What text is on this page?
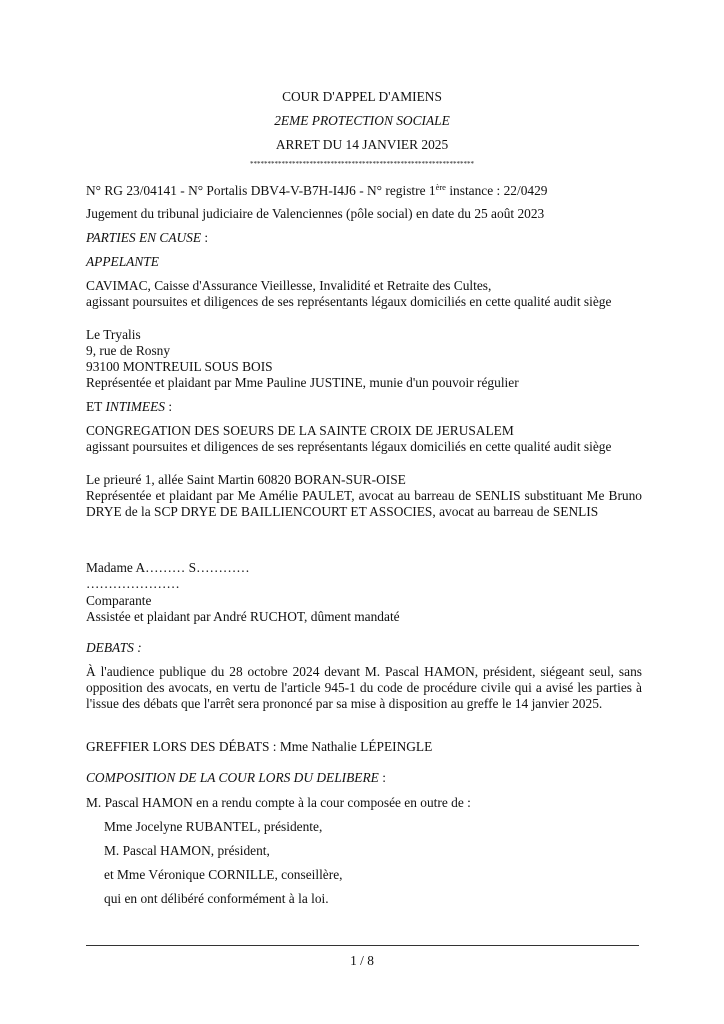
COUR D'APPEL D'AMIENS
2EME PROTECTION SOCIALE
ARRET DU 14 JANVIER 2025
****************************************************************
N° RG 23/04141 - N° Portalis DBV4-V-B7H-I4J6 - N° registre 1ère instance : 22/0429
Jugement du tribunal judiciaire de Valenciennes (pôle social) en date du 25 août 2023
PARTIES EN CAUSE :
APPELANTE
CAVIMAC, Caisse d'Assurance Vieillesse, Invalidité et Retraite des Cultes,
agissant poursuites et diligences de ses représentants légaux domiciliés en cette qualité audit siège
Le Tryalis
9, rue de Rosny
93100 MONTREUIL SOUS BOIS
Représentée et plaidant par Mme Pauline JUSTINE, munie d'un pouvoir régulier
ET INTIMEES :
CONGREGATION DES SOEURS DE LA SAINTE CROIX DE JERUSALEM
agissant poursuites et diligences de ses représentants légaux domiciliés en cette qualité audit siège
Le prieuré 1, allée Saint Martin 60820 BORAN-SUR-OISE
Représentée et plaidant par Me Amélie PAULET, avocat au barreau de SENLIS substituant Me Bruno DRYE de la SCP DRYE DE BAILLIENCOURT ET ASSOCIES, avocat au barreau de SENLIS
Madame A……… S…………
…………………
Comparante
Assistée et plaidant par André RUCHOT, dûment mandaté
DEBATS :
À l'audience publique du 28 octobre 2024 devant M. Pascal HAMON, président, siégeant seul, sans opposition des avocats, en vertu de l'article 945-1 du code de procédure civile qui a avisé les parties à l'issue des débats que l'arrêt sera prononcé par sa mise à disposition au greffe le 14 janvier 2025.
GREFFIER LORS DES DÉBATS : Mme Nathalie LÉPEINGLE
COMPOSITION DE LA COUR LORS DU DELIBERE :
M. Pascal HAMON en a rendu compte à la cour composée en outre de :
Mme Jocelyne RUBANTEL, présidente,
M. Pascal HAMON, président,
et Mme Véronique CORNILLE, conseillère,
qui en ont délibéré conformément à la loi.
1 / 8
